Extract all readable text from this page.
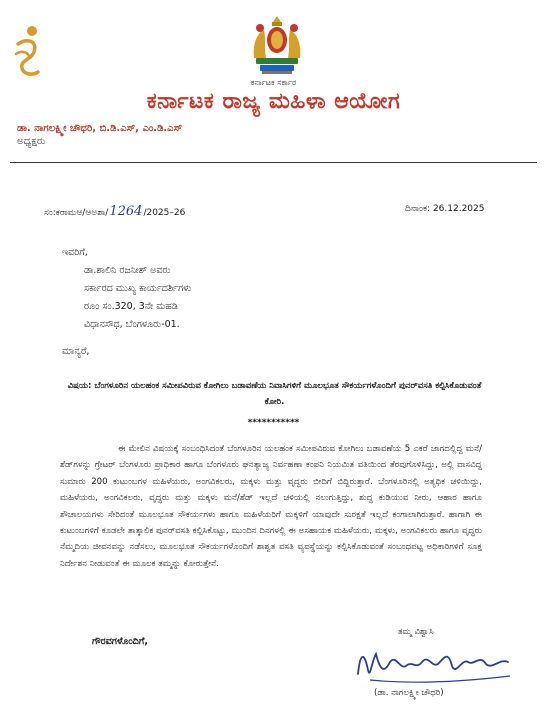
ಕರ್ನಾಟಕ ಸರ್ಕಾರ
ಕರ್ನಾಟಕ ರಾಜ್ಯ ಮಹಿಳಾ ಆಯೋಗ
ಡಾ. ನಾಗಲಕ್ಷ್ಮೀ ಚೌಧರಿ, ಬಿ.ಡಿ.ಎಸ್, ಎಂ.ಡಿ.ಎಸ್
ಅಧ್ಯಕ್ಷರು
ಸಂ:ಕರಾಮಆ/ಆಅಶಾ/1264/2025–26	ದಿನಾಂಕ: 26.12.2025
ಇವರಿಗೆ,
ಡಾ.ಶಾಲಿನಿ ರಜನೀಶ್ ಅವರು
ಸರ್ಕಾರದ ಮುಖ್ಯ ಕಾರ್ಯದರ್ಶಿಗಳು
ರೂಂ ಸಂ.320, 3ನೇ ಮಹಡಿ
ವಿಧಾನಸೌಧ, ಬೆಂಗಳೂರು-01.
ಮಾನ್ಯರೆ,
ವಿಷಯ: ಬೆಂಗಳೂರಿನ ಯಲಹಂಕ ಸಮೀಪವಿರುವ ಕೋಗಿಲು ಬಡಾವಣೆಯ ನಿವಾಸಿಗಳಿಗೆ ಮೂಲಭೂತ ಸೌಕರ್ಯಗಳೊಂದಿಗೆ ಪುನರ್‌ವಸತಿ ಕಲ್ಪಿಸಿಕೊಡುವಂತೆ ಕೋರಿ.
***********
ಈ ಮೇಲಿನ ವಿಷಯಕ್ಕೆ ಸಂಬಂಧಿಸಿದಂತೆ ಬೆಂಗಳೂರಿನ ಯಲಹಂಕ ಸಮೀಪವಿರುವ ಕೋಗಿಲು ಬಡಾವಣೆಯ 5 ಎಕರೆ ಜಾಗದಲ್ಲಿದ್ದ ಮನೆ/ಶೆಡ್‌ಗಳನ್ನು ಗ್ರೇಟರ್ ಬೆಂಗಳೂರು ಪ್ರಾಧಿಕಾರ ಹಾಗೂ ಬೆಂಗಳೂರು ಘನತ್ಯಾಜ್ಯ ನಿರ್ವಹಣಾ ಕಂಪನಿ ನಿಯಮಿತ ವತಿಯಿಂದ ತೆರವುಗೊಳಿಸಿದ್ದು, ಅಲ್ಲಿ ವಾಸವಿದ್ದ ಸುಮಾರು 200 ಕುಟುಂಬಗಳ ಮಹಿಳೆಯರು, ಅಂಗವಿಕಲರು, ಮಕ್ಕಳು ಮತ್ತು ವೃದ್ಧರು ಬೀದಿಗೆ ಬಿದ್ದಿರುತ್ತಾರೆ. ಬೆಂಗಳೂರಿನಲ್ಲಿ ಅತ್ಯಧಿಕ ಚಳಿಯಿದ್ದು, ಮಹಿಳೆಯರು, ಅಂಗವಿಕಲರು, ವೃದ್ಧರು ಮತ್ತು ಮಕ್ಕಳು ಮನೆ/ಶೆಡ್ ಇಲ್ಲದೆ ಚಳಿಯಲ್ಲಿ ನಲುಗುತ್ತಿದ್ದು, ಶುದ್ಧ ಕುಡಿಯುವ ನೀರು, ಆಹಾರ ಹಾಗೂ ಶೌಚಾಲಯಗಳು ಸೇರಿದಂತೆ ಮೂಲಭೂತ ಸೌಕರ್ಯಗಳು ಹಾಗೂ ಮಹಿಳೆಯರಿಗೆ ಮಕ್ಕಳಿಗೆ ಯಾವುದೇ ಸುರಕ್ಷತೆ ಇಲ್ಲದೆ ಕಂಗಾಲಾಗಿರುತ್ತಾರೆ. ಹಾಗಾಗಿ ಈ ಕುಟುಂಬಗಳಿಗೆ ಕೂಡಲೇ ತಾತ್ಕಾಲಿಕ ಪುನರ್‌ವಸತಿ ಕಲ್ಪಿಸಿಕೊಟ್ಟು, ಮುಂದಿನ ದಿನಗಳಲ್ಲಿ ಈ ಅಸಹಾಯಕ ಮಹಿಳೆಯರು, ಮಕ್ಕಳು, ಅಂಗವಿಕಲರು ಹಾಗೂ ವೃದ್ಧರು ನೆಮ್ಮದಿಯ ಜೀವನವನ್ನು ನಡೆಸಲು, ಮೂಲಭೂತ ಸೌಕರ್ಯಗಳೊಂದಿಗೆ ಶಾಶ್ವತ ವಸತಿ ವ್ಯವಸ್ಥೆಯನ್ನು ಕಲ್ಪಿಸಿಕೊಡುವಂತೆ ಸಂಬಂಧಪಟ್ಟ ಅಧಿಕಾರಿಗಳಿಗೆ ಸೂಕ್ತ ನಿರ್ದೇಶನ ನೀಡುವಂತೆ ಈ ಮೂಲಕ ತಮ್ಮನ್ನು ಕೋರುತ್ತೇನೆ.
ಗೌರವಗಳೊಂದಿಗೆ,
ತಮ್ಮ ವಿಶ್ವಾಸಿ
(ಡಾ. ನಾಗಲಕ್ಷ್ಮೀ ಚೌಧರಿ)
